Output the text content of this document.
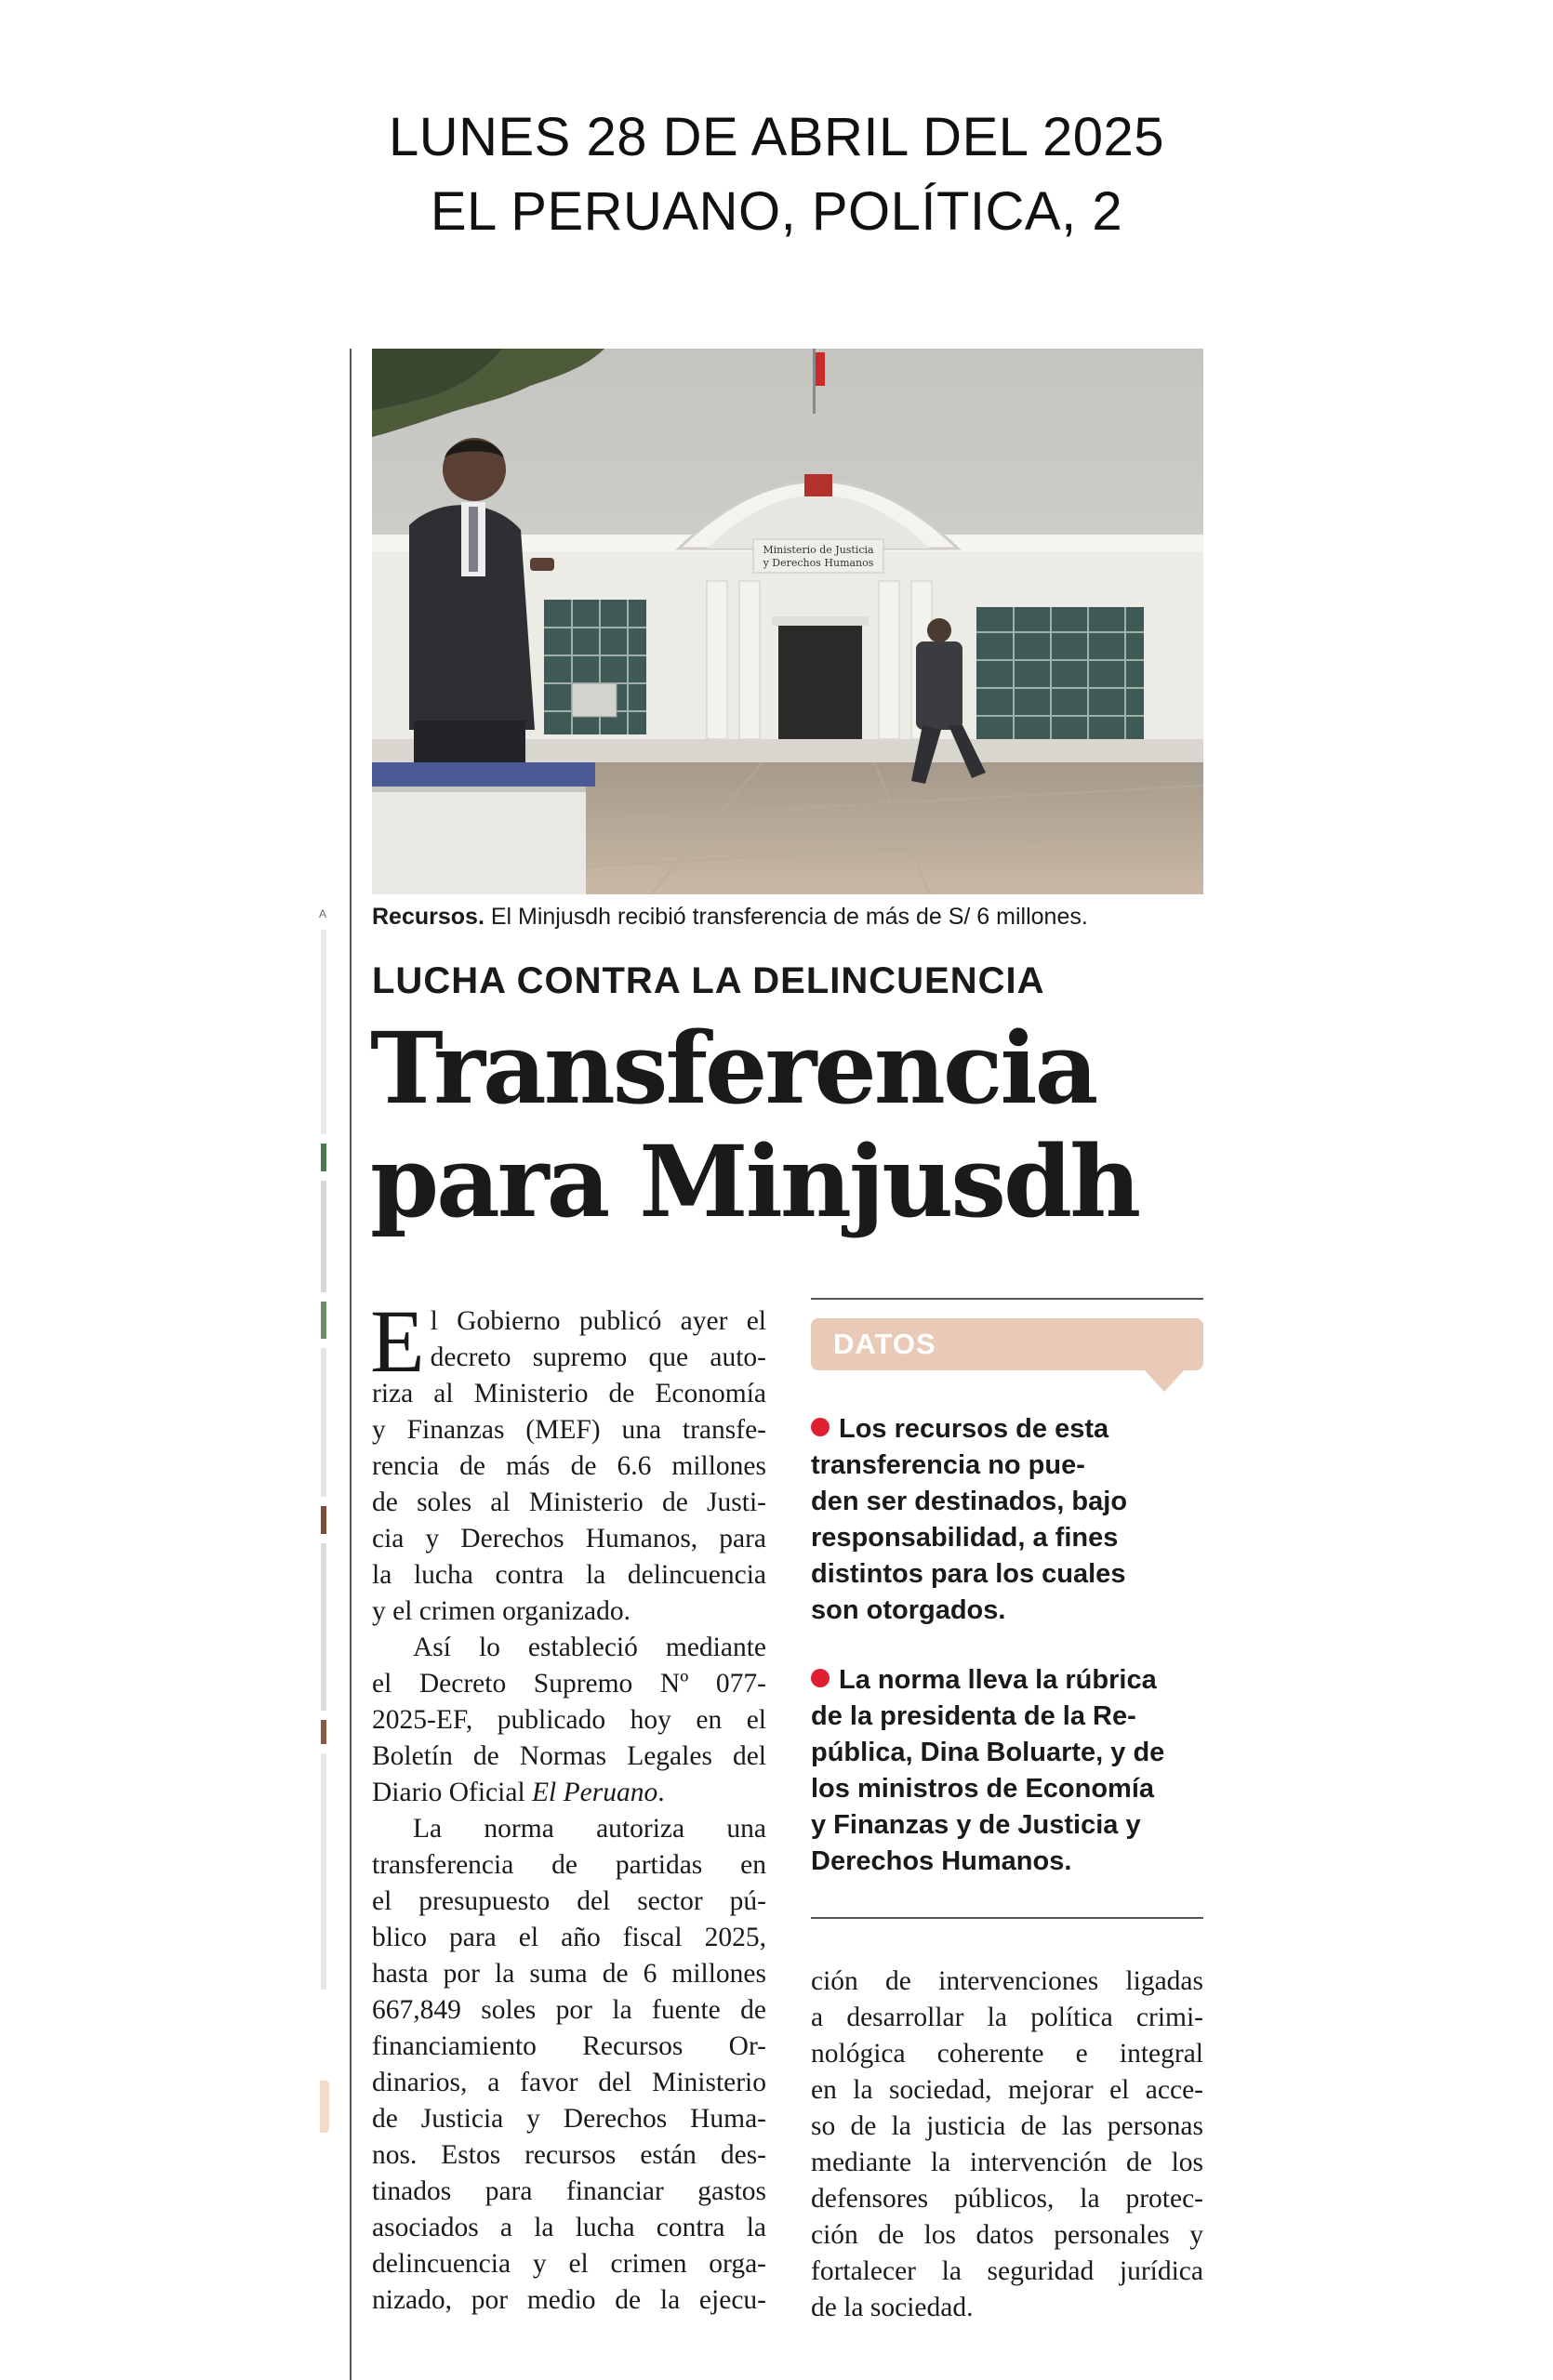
LUNES 28 DE ABRIL DEL 2025
EL PERUANO, POLÍTICA, 2
A
Ministerio de Justicia
y Derechos Humanos
Recursos. El Minjusdh recibió transferencia de más de S/ 6 millones.
LUCHA CONTRA LA DELINCUENCIA
Transferencia
para Minjusdh
E l Gobierno publicó ayer el
decreto supremo que auto-
riza al Ministerio de Economía
y Finanzas (MEF) una transfe-
rencia de más de 6.6 millones
de soles al Ministerio de Justi-
cia y Derechos Humanos, para
la lucha contra la delincuencia
y el crimen organizado.
Así lo estableció mediante
el Decreto Supremo Nº 077-
2025-EF, publicado hoy en el
Boletín de Normas Legales del
Diario Oficial El Peruano.
La norma autoriza una
transferencia de partidas en
el presupuesto del sector pú-
blico para el año fiscal 2025,
hasta por la suma de 6 millones
667,849 soles por la fuente de
financiamiento Recursos Or-
dinarios, a favor del Ministerio
de Justicia y Derechos Huma-
nos. Estos recursos están des-
tinados para financiar gastos
asociados a la lucha contra la
delincuencia y el crimen orga-
nizado, por medio de la ejecu-
DATOS
Los recursos de esta
transferencia no pue-
den ser destinados, bajo
responsabilidad, a fines
distintos para los cuales
son otorgados.
La norma lleva la rúbrica
de la presidenta de la Re-
pública, Dina Boluarte, y de
los ministros de Economía
y Finanzas y de Justicia y
Derechos Humanos.
ción de intervenciones ligadas
a desarrollar la política crimi-
nológica coherente e integral
en la sociedad, mejorar el acce-
so de la justicia de las personas
mediante la intervención de los
defensores públicos, la protec-
ción de los datos personales y
fortalecer la seguridad jurídica
de la sociedad.
